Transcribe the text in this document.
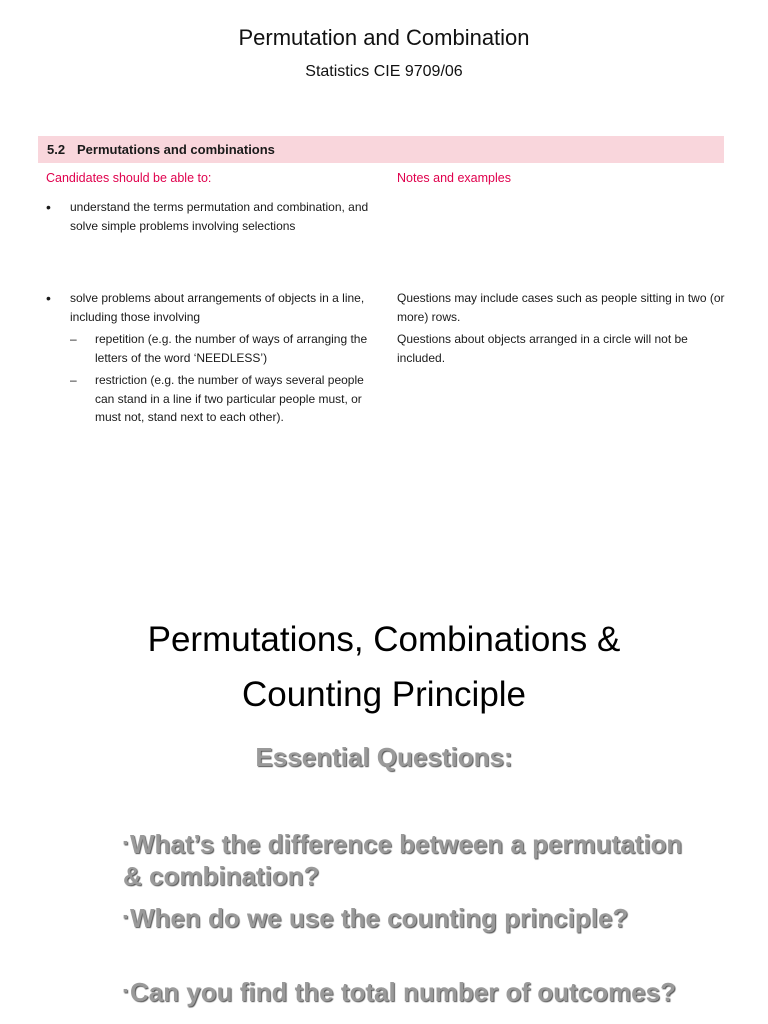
Permutation and Combination
Statistics CIE 9709/06
5.2 Permutations and combinations
Candidates should be able to:	Notes and examples
• understand the terms permutation and combination, and solve simple problems involving selections
• solve problems about arrangements of objects in a line, including those involving
– repetition (e.g. the number of ways of arranging the letters of the word ‘NEEDLESS’)
– restriction (e.g. the number of ways several people can stand in a line if two particular people must, or must not, stand next to each other).
Questions may include cases such as people sitting in two (or more) rows.
Questions about objects arranged in a circle will not be included.
Permutations, Combinations &
Counting Principle
Essential Questions:
▪What’s the difference between a permutation & combination?
▪When do we use the counting principle?
▪Can you find the total number of outcomes?
